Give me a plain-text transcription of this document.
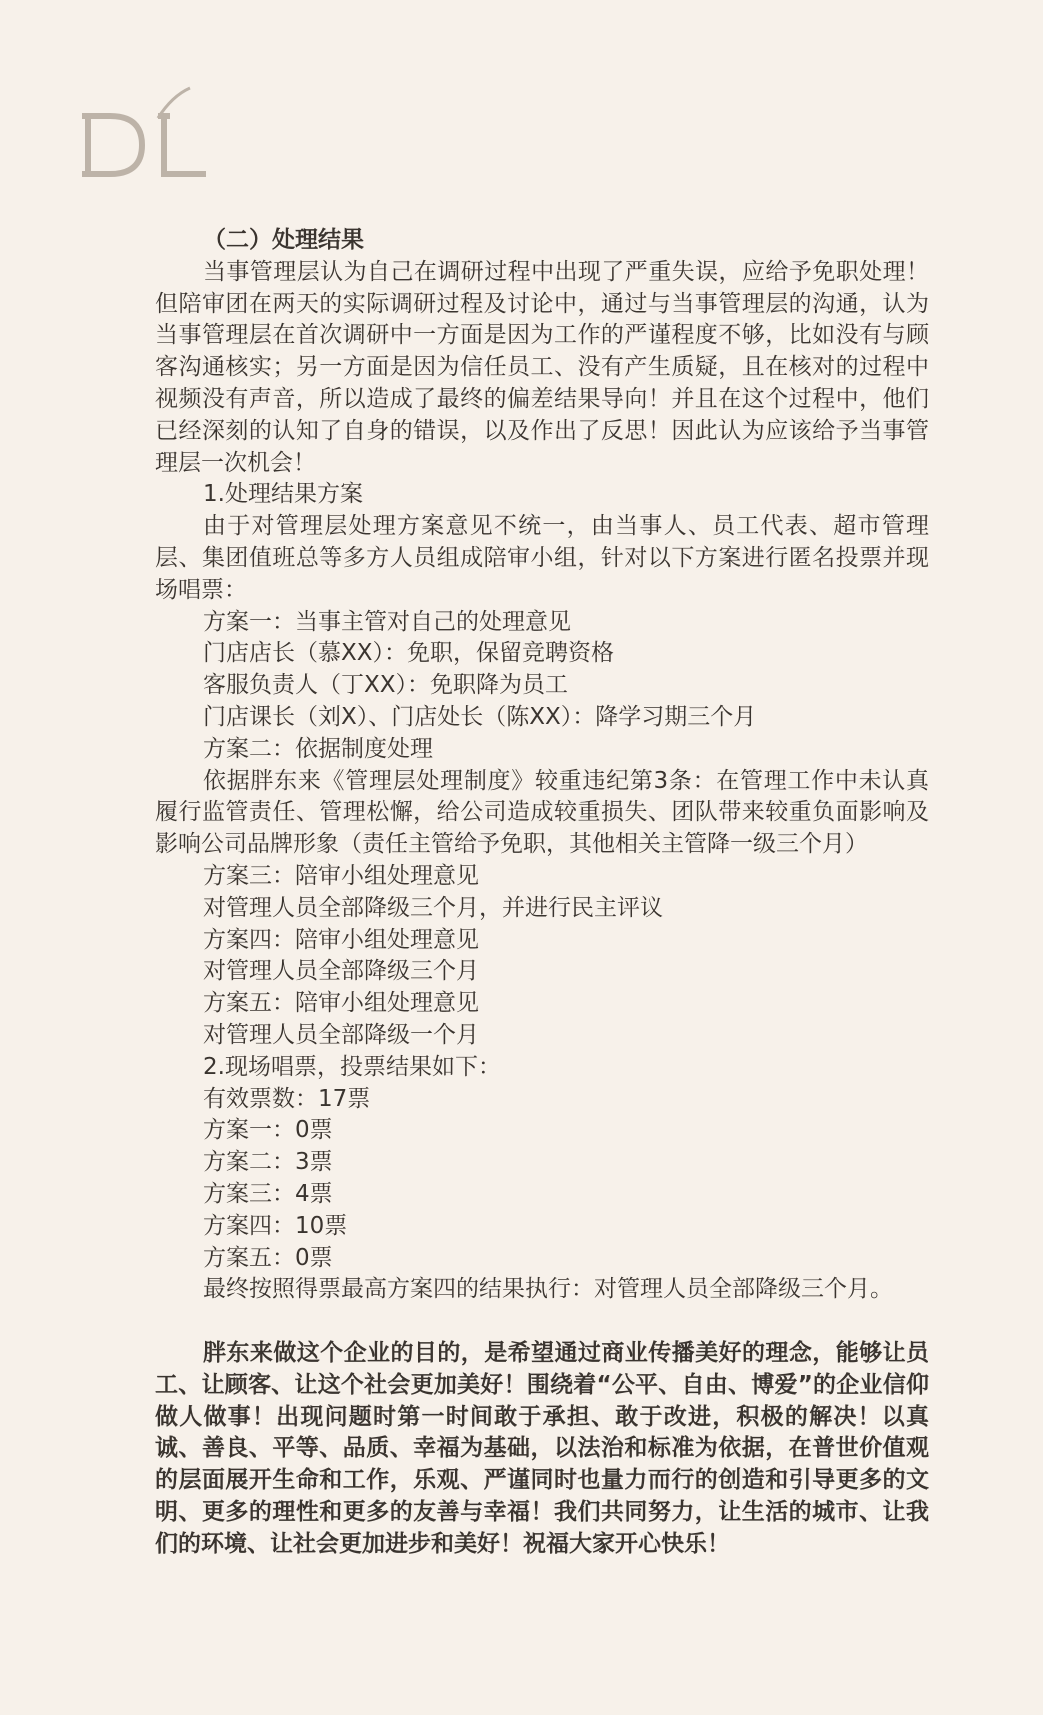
（二）处理结果

当事管理层认为自己在调研过程中出现了严重失误，应给予免职处理！但陪审团在两天的实际调研过程及讨论中，通过与当事管理层的沟通，认为当事管理层在首次调研中一方面是因为工作的严谨程度不够，比如没有与顾客沟通核实；另一方面是因为信任员工、没有产生质疑，且在核对的过程中视频没有声音，所以造成了最终的偏差结果导向！并且在这个过程中，他们已经深刻的认知了自身的错误，以及作出了反思！因此认为应该给予当事管理层一次机会！

1.处理结果方案

由于对管理层处理方案意见不统一，由当事人、员工代表、超市管理层、集团值班总等多方人员组成陪审小组，针对以下方案进行匿名投票并现场唱票：

方案一：当事主管对自己的处理意见

门店店长（慕XX）：免职，保留竞聘资格

客服负责人（丁XX）：免职降为员工

门店课长（刘X）、门店处长（陈XX）：降学习期三个月

方案二：依据制度处理

依据胖东来《管理层处理制度》较重违纪第3条：在管理工作中未认真履行监管责任、管理松懈，给公司造成较重损失、团队带来较重负面影响及影响公司品牌形象（责任主管给予免职，其他相关主管降一级三个月）

方案三：陪审小组处理意见

对管理人员全部降级三个月，并进行民主评议

方案四：陪审小组处理意见

对管理人员全部降级三个月

方案五：陪审小组处理意见

对管理人员全部降级一个月

2.现场唱票，投票结果如下：

有效票数：17票

方案一：0票

方案二：3票

方案三：4票

方案四：10票

方案五：0票

最终按照得票最高方案四的结果执行：对管理人员全部降级三个月。

胖东来做这个企业的目的，是希望通过商业传播美好的理念，能够让员工、让顾客、让这个社会更加美好！围绕着“公平、自由、博爱”的企业信仰做人做事！出现问题时第一时间敢于承担、敢于改进，积极的解决！以真诚、善良、平等、品质、幸福为基础，以法治和标准为依据，在普世价值观的层面展开生命和工作，乐观、严谨同时也量力而行的创造和引导更多的文明、更多的理性和更多的友善与幸福！我们共同努力，让生活的城市、让我们的环境、让社会更加进步和美好！祝福大家开心快乐！
